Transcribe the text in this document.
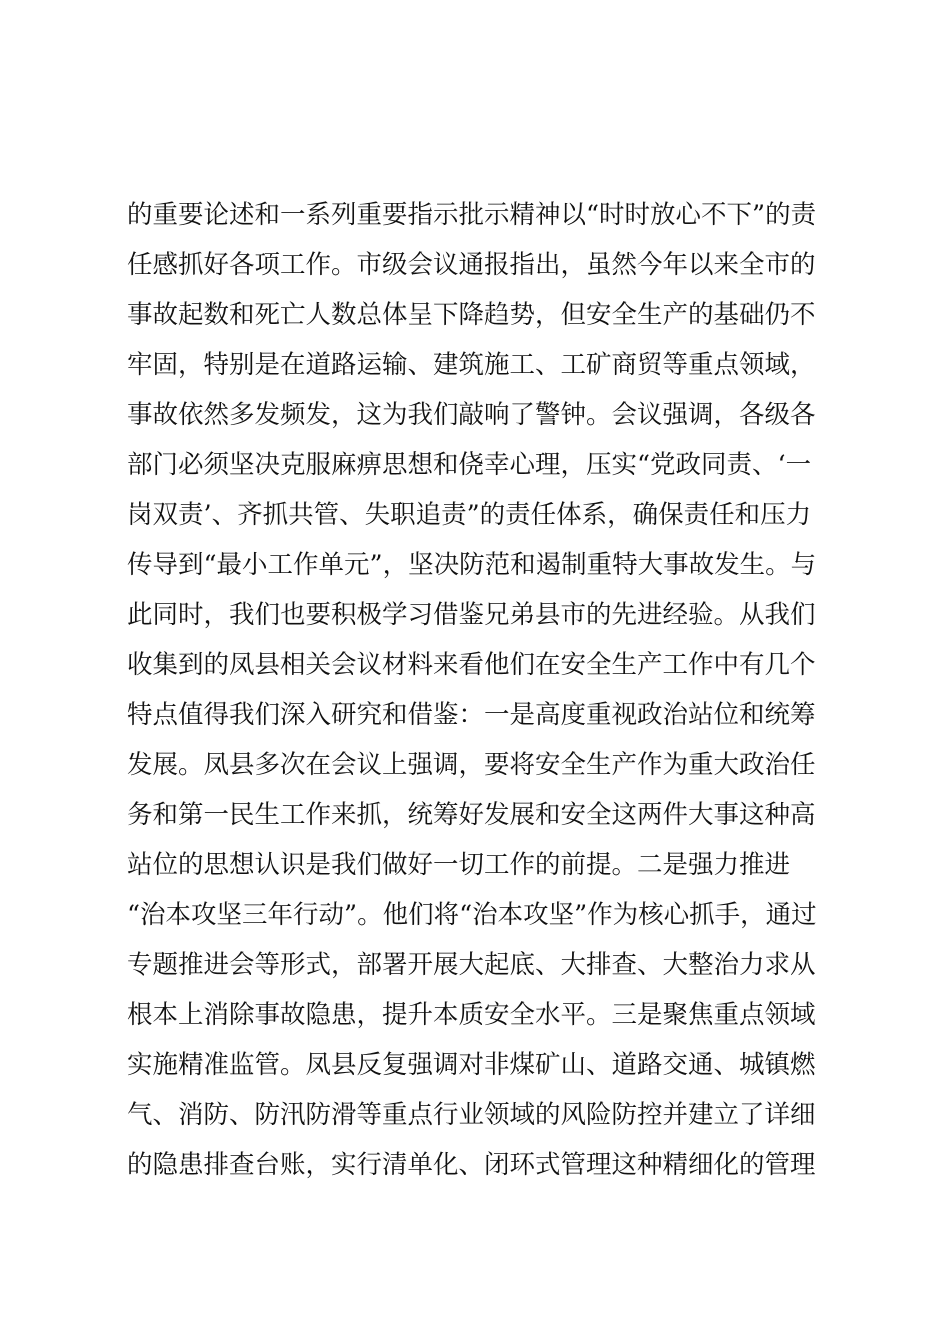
的重要论述和一系列重要指示批示精神以“时时放心不下”的责
任感抓好各项工作。市级会议通报指出，虽然今年以来全市的
事故起数和死亡人数总体呈下降趋势，但安全生产的基础仍不
牢固，特别是在道路运输、建筑施工、工矿商贸等重点领域，
事故依然多发频发，这为我们敲响了警钟。会议强调，各级各
部门必须坚决克服麻痹思想和侥幸心理，压实“党政同责、‘一
岗双责’、齐抓共管、失职追责”的责任体系，确保责任和压力
传导到“最小工作单元”，坚决防范和遏制重特大事故发生。与
此同时，我们也要积极学习借鉴兄弟县市的先进经验。从我们
收集到的凤县相关会议材料来看他们在安全生产工作中有几个
特点值得我们深入研究和借鉴：一是高度重视政治站位和统筹
发展。凤县多次在会议上强调，要将安全生产作为重大政治任
务和第一民生工作来抓，统筹好发展和安全这两件大事这种高
站位的思想认识是我们做好一切工作的前提。二是强力推进
“治本攻坚三年行动”。他们将“治本攻坚”作为核心抓手，通过
专题推进会等形式，部署开展大起底、大排查、大整治力求从
根本上消除事故隐患，提升本质安全水平。三是聚焦重点领域
实施精准监管。凤县反复强调对非煤矿山、道路交通、城镇燃
气、消防、防汛防滑等重点行业领域的风险防控并建立了详细
的隐患排查台账，实行清单化、闭环式管理这种精细化的管理
